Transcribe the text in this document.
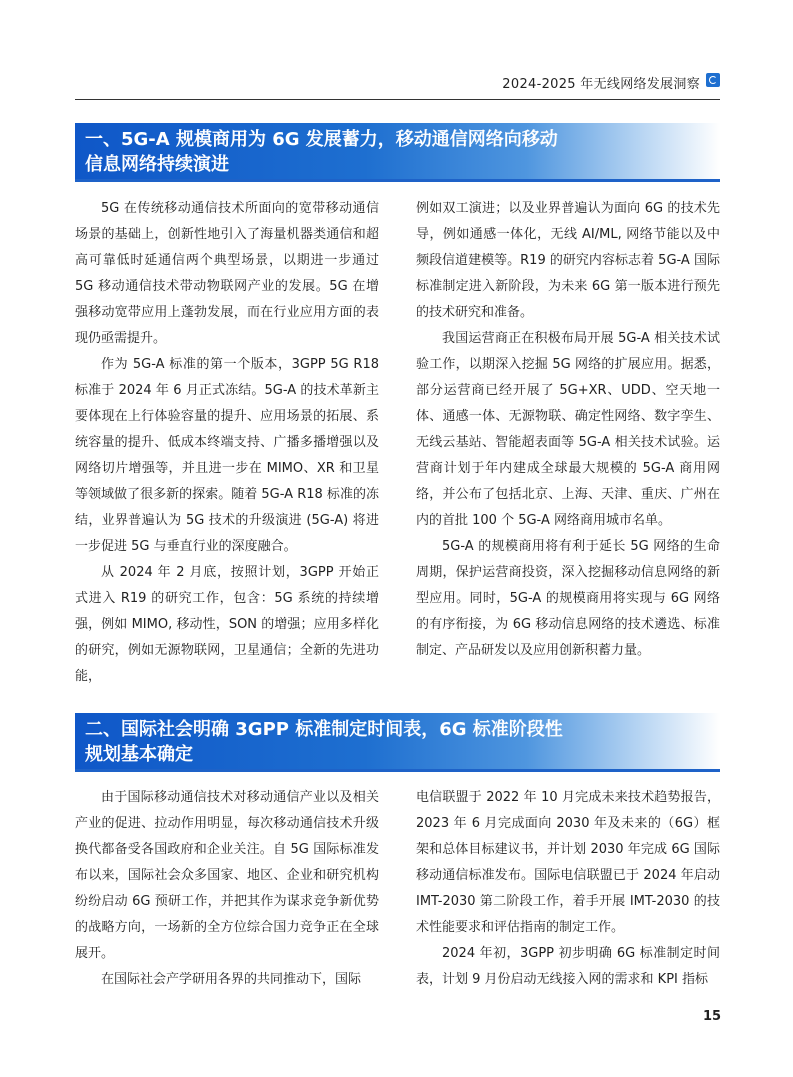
2024-2025 年无线网络发展洞察
一、5G-A 规模商用为 6G 发展蓄力，移动通信网络向移动
信息网络持续演进

5G 在传统移动通信技术所面向的宽带移动通信场景的基础上，创新性地引入了海量机器类通信和超高可靠低时延通信两个典型场景，以期进一步通过 5G 移动通信技术带动物联网产业的发展。5G 在增强移动宽带应用上蓬勃发展，而在行业应用方面的表现仍亟需提升。

作为 5G-A 标准的第一个版本，3GPP 5G R18 标准于 2024 年 6 月正式冻结。5G-A 的技术革新主要体现在上行体验容量的提升、应用场景的拓展、系统容量的提升、低成本终端支持、广播多播增强以及网络切片增强等，并且进一步在 MIMO、XR 和卫星等领域做了很多新的探索。随着 5G-A R18 标准的冻结，业界普遍认为 5G 技术的升级演进 (5G-A) 将进一步促进 5G 与垂直行业的深度融合。

从 2024 年 2 月底，按照计划，3GPP 开始正式进入 R19 的研究工作，包含：5G 系统的持续增强，例如 MIMO, 移动性，SON 的增强；应用多样化的研究，例如无源物联网，卫星通信；全新的先进功能，

例如双工演进；以及业界普遍认为面向 6G 的技术先导，例如通感一体化，无线 AI/ML, 网络节能以及中频段信道建模等。R19 的研究内容标志着 5G-A 国际标准制定进入新阶段，为未来 6G 第一版本进行预先的技术研究和准备。

我国运营商正在积极布局开展 5G-A 相关技术试验工作，以期深入挖掘 5G 网络的扩展应用。据悉，部分运营商已经开展了 5G+XR、UDD、空天地一体、通感一体、无源物联、确定性网络、数字孪生、无线云基站、智能超表面等 5G-A 相关技术试验。运营商计划于年内建成全球最大规模的 5G-A 商用网络，并公布了包括北京、上海、天津、重庆、广州在内的首批 100 个 5G-A 网络商用城市名单。

5G-A 的规模商用将有利于延长 5G 网络的生命周期，保护运营商投资，深入挖掘移动信息网络的新型应用。同时，5G-A 的规模商用将实现与 6G 网络的有序衔接，为 6G 移动信息网络的技术遴选、标准制定、产品研发以及应用创新积蓄力量。

二、国际社会明确 3GPP 标准制定时间表，6G 标准阶段性
规划基本确定

由于国际移动通信技术对移动通信产业以及相关产业的促进、拉动作用明显，每次移动通信技术升级换代都备受各国政府和企业关注。自 5G 国际标准发布以来，国际社会众多国家、地区、企业和研究机构纷纷启动 6G 预研工作，并把其作为谋求竞争新优势的战略方向，一场新的全方位综合国力竞争正在全球展开。

在国际社会产学研用各界的共同推动下，国际

电信联盟于 2022 年 10 月完成未来技术趋势报告，2023 年 6 月完成面向 2030 年及未来的（6G）框架和总体目标建议书，并计划 2030 年完成 6G 国际移动通信标准发布。国际电信联盟已于 2024 年启动 IMT-2030 第二阶段工作，着手开展 IMT-2030 的技术性能要求和评估指南的制定工作。

2024 年初，3GPP 初步明确 6G 标准制定时间表，计划 9 月份启动无线接入网的需求和 KPI 指标

15
